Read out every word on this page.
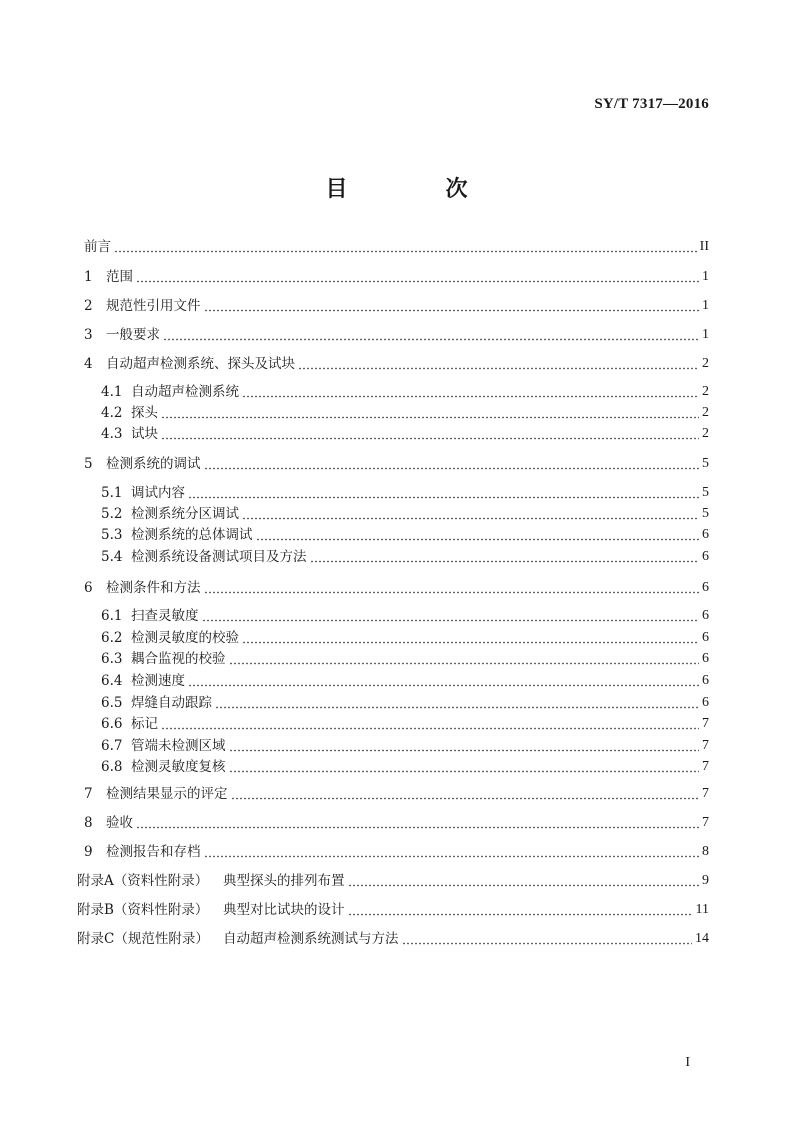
SY/T 7317—2016
目　次
前言	II
1 范围	1
2 规范性引用文件	1
3 一般要求	1
4 自动超声检测系统、探头及试块	2
4.1 自动超声检测系统	2
4.2 探头	2
4.3 试块	2
5 检测系统的调试	5
5.1 调试内容	5
5.2 检测系统分区调试	5
5.3 检测系统的总体调试	6
5.4 检测系统设备测试项目及方法	6
6 检测条件和方法	6
6.1 扫查灵敏度	6
6.2 检测灵敏度的校验	6
6.3 耦合监视的校验	6
6.4 检测速度	6
6.5 焊缝自动跟踪	6
6.6 标记	7
6.7 管端未检测区域	7
6.8 检测灵敏度复核	7
7 检测结果显示的评定	7
8 验收	7
9 检测报告和存档	8
附录A（资料性附录）	典型探头的排列布置	9
附录B（资料性附录）	典型对比试块的设计	11
附录C（规范性附录）	自动超声检测系统测试与方法	14
I
